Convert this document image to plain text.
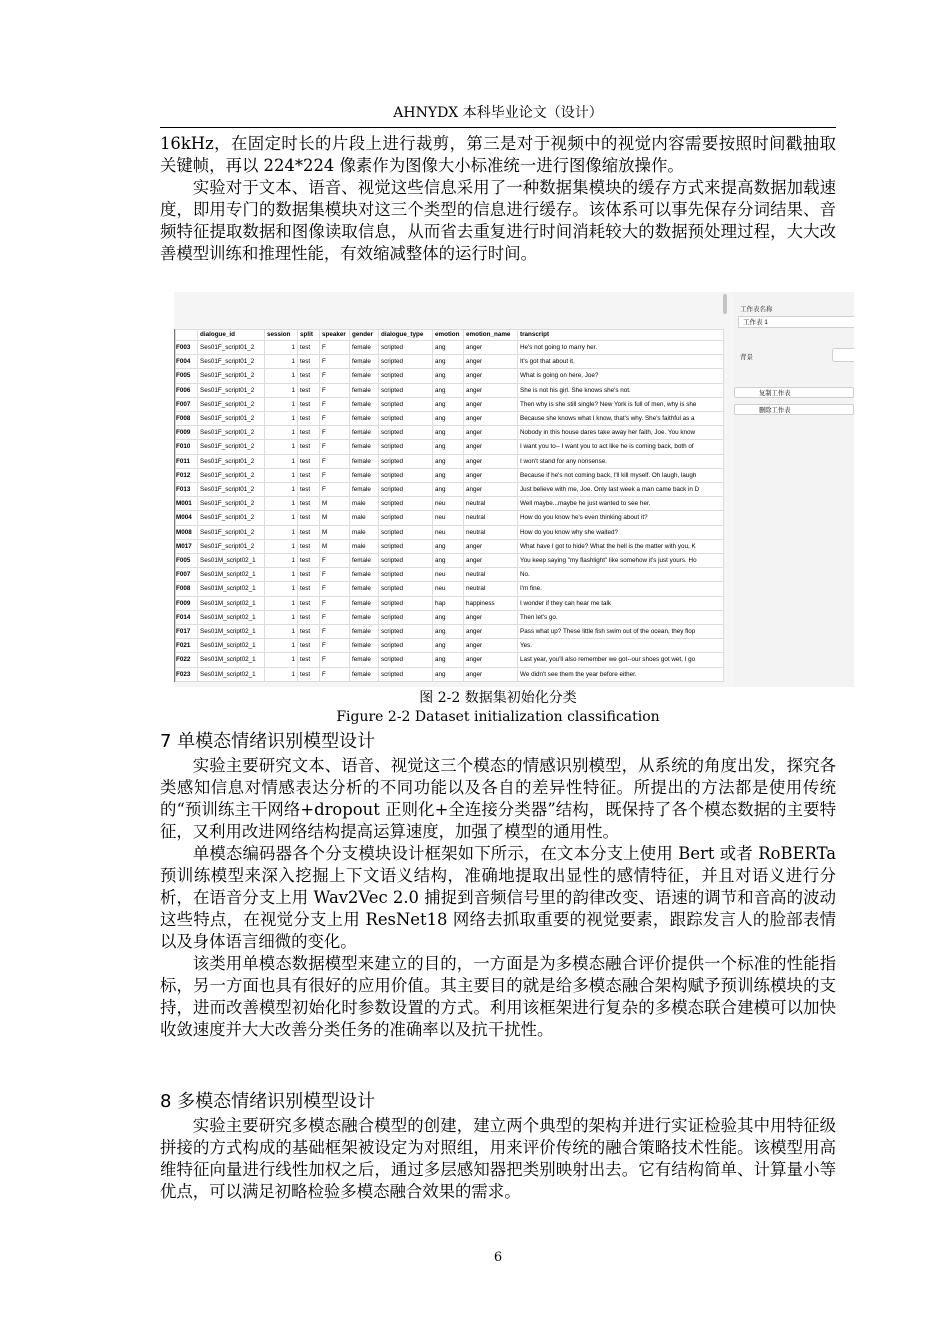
AHNYDX 本科毕业论文（设计）

16kHz，在固定时长的片段上进行裁剪，第三是对于视频中的视觉内容需要按照时间戳抽取关键帧，再以 224*224 像素作为图像大小标准统一进行图像缩放操作。

实验对于文本、语音、视觉这些信息采用了一种数据集模块的缓存方式来提高数据加载速度，即用专门的数据集模块对这三个类型的信息进行缓存。该体系可以事先保存分词结果、音频特征提取数据和图像读取信息，从而省去重复进行时间消耗较大的数据预处理过程，大大改善模型训练和推理性能，有效缩减整体的运行时间。

	dialogue_id	session	split	speaker	gender	dialogue_type	emotion	emotion_name	transcript
F003	Ses01F_script01_2	1	test	F	female	scripted	ang	anger	He's not going to marry her.
F004	Ses01F_script01_2	1	test	F	female	scripted	ang	anger	It's got that about it.
F005	Ses01F_script01_2	1	test	F	female	scripted	ang	anger	What is going on here, Joe?
F006	Ses01F_script01_2	1	test	F	female	scripted	ang	anger	She is not his girl. She knows she's not.
F007	Ses01F_script01_2	1	test	F	female	scripted	ang	anger	Then why is she still single? New York is full of men, why is she
F008	Ses01F_script01_2	1	test	F	female	scripted	ang	anger	Because she knows what I know, that's why. She's faithful as a
F009	Ses01F_script01_2	1	test	F	female	scripted	ang	anger	Nobody in this house dares take away her faith, Joe. You know
F010	Ses01F_script01_2	1	test	F	female	scripted	ang	anger	I want you to-- I want you to act like he is coming back, both of
F011	Ses01F_script01_2	1	test	F	female	scripted	ang	anger	I won't stand for any nonsense.
F012	Ses01F_script01_2	1	test	F	female	scripted	ang	anger	Because if he's not coming back, I'll kill myself. Oh laugh, laugh
F013	Ses01F_script01_2	1	test	F	female	scripted	ang	anger	Just believe with me, Joe. Only last week a man came back in D
M001	Ses01F_script01_2	1	test	M	male	scripted	neu	neutral	Well maybe...maybe he just wanted to see her.
M004	Ses01F_script01_2	1	test	M	male	scripted	neu	neutral	How do you know he's even thinking about it?
M008	Ses01F_script01_2	1	test	M	male	scripted	neu	neutral	How do you know why she waited?
M017	Ses01F_script01_2	1	test	M	male	scripted	ang	anger	What have I got to hide? What the hell is the matter with you, K
F005	Ses01M_script02_1	1	test	F	female	scripted	ang	anger	You keep saying "my flashlight" like somehow it's just yours. Ho
F007	Ses01M_script02_1	1	test	F	female	scripted	neu	neutral	No.
F008	Ses01M_script02_1	1	test	F	female	scripted	neu	neutral	I'm fine.
F009	Ses01M_script02_1	1	test	F	female	scripted	hap	happiness	I wonder if they can hear me talk
F014	Ses01M_script02_1	1	test	F	female	scripted	ang	anger	Then let's go.
F017	Ses01M_script02_1	1	test	F	female	scripted	ang	anger	Pass what up? These little fish swim out of the ocean, they flop
F021	Ses01M_script02_1	1	test	F	female	scripted	ang	anger	Yes.
F022	Ses01M_script02_1	1	test	F	female	scripted	ang	anger	Last year, you'll also remember we got--our shoes got wet, I go
F023	Ses01M_script02_1	1	test	F	female	scripted	ang	anger	We didn't see them the year before either.
工作表名称
工作表 1
背景
复制工作表
删除工作表
图 2-2 数据集初始化分类
Figure 2-2 Dataset initialization classification
7 单模态情绪识别模型设计

实验主要研究文本、语音、视觉这三个模态的情感识别模型，从系统的角度出发，探究各类感知信息对情感表达分析的不同功能以及各自的差异性特征。所提出的方法都是使用传统的“预训练主干网络+dropout 正则化+全连接分类器”结构，既保持了各个模态数据的主要特征，又利用改进网络结构提高运算速度，加强了模型的通用性。

单模态编码器各个分支模块设计框架如下所示，在文本分支上使用 Bert 或者 RoBERTa 预训练模型来深入挖掘上下文语义结构，准确地提取出显性的感情特征，并且对语义进行分析，在语音分支上用 Wav2Vec 2.0 捕捉到音频信号里的韵律改变、语速的调节和音高的波动这些特点，在视觉分支上用 ResNet18 网络去抓取重要的视觉要素，跟踪发言人的脸部表情以及身体语言细微的变化。

该类用单模态数据模型来建立的目的，一方面是为多模态融合评价提供一个标准的性能指标，另一方面也具有很好的应用价值。其主要目的就是给多模态融合架构赋予预训练模块的支持，进而改善模型初始化时参数设置的方式。利用该框架进行复杂的多模态联合建模可以加快收敛速度并大大改善分类任务的准确率以及抗干扰性。

8 多模态情绪识别模型设计

实验主要研究多模态融合模型的创建，建立两个典型的架构并进行实证检验其中用特征级拼接的方式构成的基础框架被设定为对照组，用来评价传统的融合策略技术性能。该模型用高维特征向量进行线性加权之后，通过多层感知器把类别映射出去。它有结构简单、计算量小等优点，可以满足初略检验多模态融合效果的需求。

6
